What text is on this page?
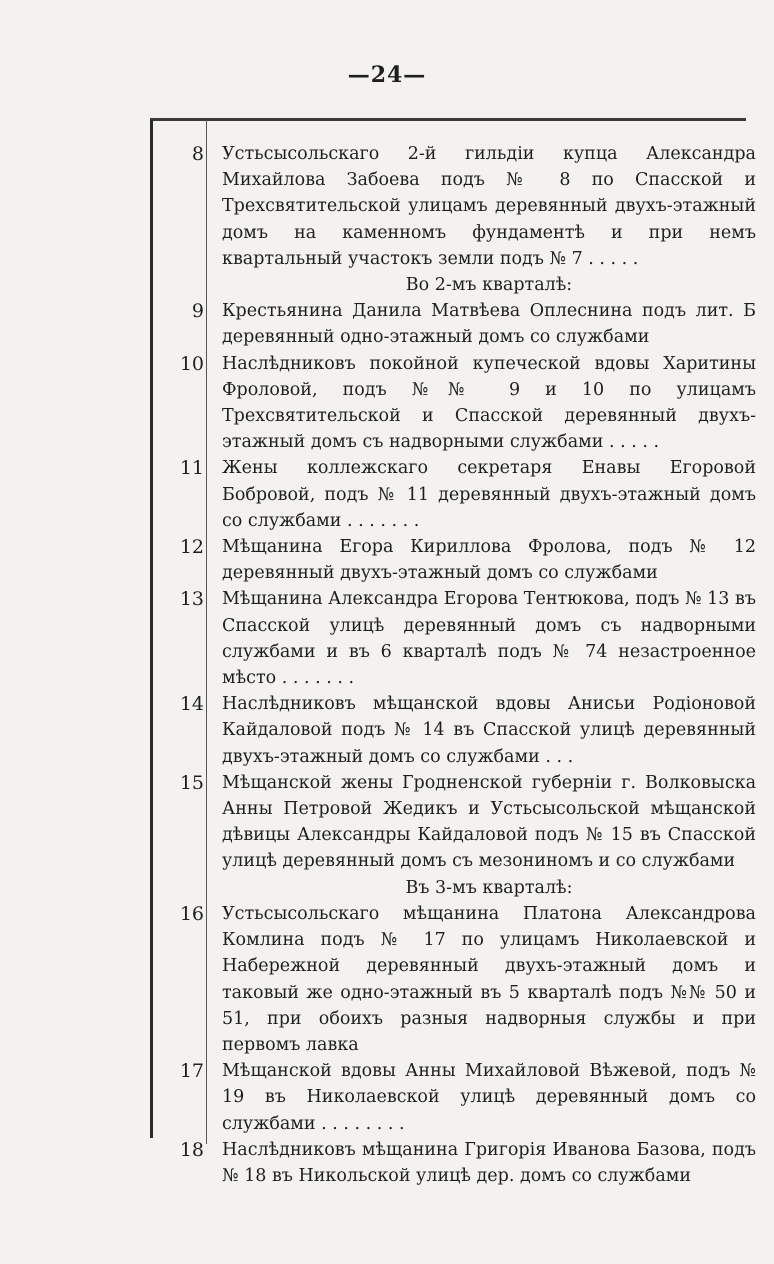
—24—
8	Устьсысольскаго 2-й гильдіи купца Александра Михайлова Забоева подъ № 8 по Спасской и Трехсвятительской улицамъ деревянный двухъ-этажный домъ на каменномъ фундаментѣ и при немъ квартальный участокъ земли подъ № 7 . . . . .
Во 2-мъ кварталѣ:
9	Крестьянина Данила Матвѣева Оплеснина подъ лит. Б деревянный одно-этажный домъ со службами
10	Наслѣдниковъ покойной купеческой вдовы Харитины Фроловой, подъ №№ 9 и 10 по улицамъ Трехсвятительской и Спасской деревянный двухъ-этажный домъ съ надворными службами . . . . .
11	Жены коллежскаго секретаря Енавы Егоровой Бобровой, подъ № 11 деревянный двухъ-этажный домъ со службами . . . . . . .
12	Мѣщанина Егора Кириллова Фролова, подъ № 12 деревянный двухъ-этажный домъ со службами
13	Мѣщанина Александра Егорова Тентюкова, подъ № 13 въ Спасской улицѣ деревянный домъ съ надворными службами и въ 6 кварталѣ подъ № 74 незастроенное мѣсто . . . . . . .
14	Наслѣдниковъ мѣщанской вдовы Анисьи Родіоновой Кайдаловой подъ № 14 въ Спасской улицѣ деревянный двухъ-этажный домъ со службами . . .
15	Мѣщанской жены Гродненской губерніи г. Волковыска Анны Петровой Жедикъ и Устьсысольской мѣщанской дѣвицы Александры Кайдаловой подъ № 15 въ Спасской улицѣ деревянный домъ съ мезониномъ и со службами
Въ 3-мъ кварталѣ:
16	Устьсысольскаго мѣщанина Платона Александрова Комлина подъ № 17 по улицамъ Николаевской и Набережной деревянный двухъ-этажный домъ и таковый же одно-этажный въ 5 кварталѣ подъ №№ 50 и 51, при обоихъ разныя надворныя службы и при первомъ лавка
17	Мѣщанской вдовы Анны Михайловой Вѣжевой, подъ № 19 въ Николаевской улицѣ деревянный домъ со службами . . . . . . . .
18	Наслѣдниковъ мѣщанина Григорія Иванова Базова, подъ № 18 въ Никольской улицѣ дер. домъ со службами
